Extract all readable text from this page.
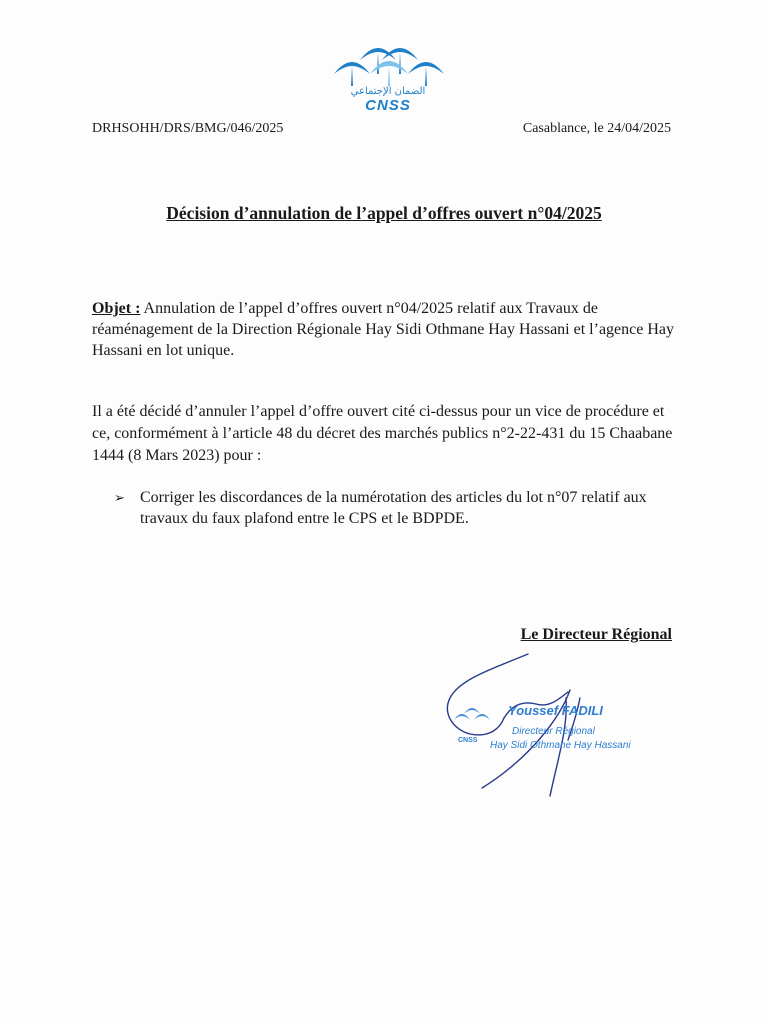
الضمان الإجتماعي
CNSS
DRHSOHH/DRS/BMG/046/2025	Casablance, le 24/04/2025
Décision d’annulation de l’appel d’offres ouvert n°04/2025
Objet : Annulation de l’appel d’offres ouvert n°04/2025 relatif aux Travaux de réaménagement de la Direction Régionale Hay Sidi Othmane Hay Hassani et l’agence Hay Hassani en lot unique.
Il a été décidé d’annuler l’appel d’offre ouvert cité ci-dessus pour un vice de procédure et ce, conformément à l’article 48 du décret des marchés publics n°2-22-431 du 15 Chaabane 1444 (8 Mars 2023) pour :
➢ Corriger les discordances de la numérotation des articles du lot n°07 relatif aux travaux du faux plafond entre le CPS et le BDPDE.
Le Directeur Régional
Youssef FADILI
Directeur Régional
Hay Sidi Othmane Hay Hassani
CNSS
